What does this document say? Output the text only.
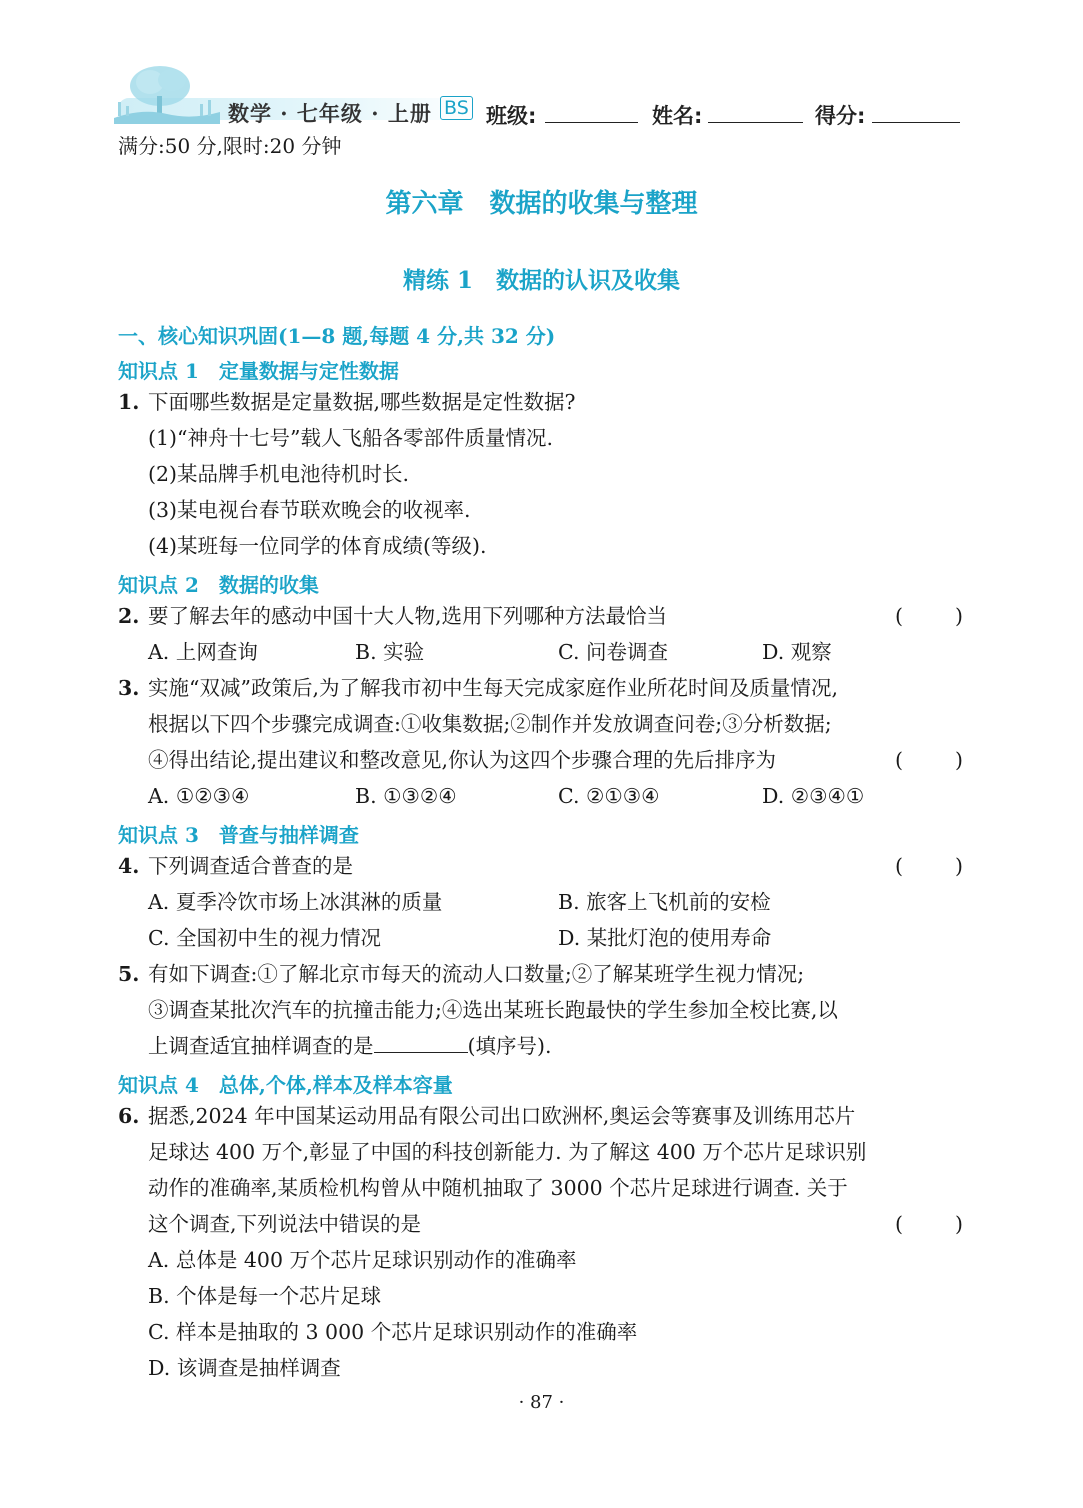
数学 · 七年级 · 上册 BS 班级:	姓名:	得分:
满分:50 分,限时:20 分钟
第六章　数据的收集与整理
精练 1　数据的认识及收集
一、核心知识巩固(1—8 题,每题 4 分,共 32 分)
知识点 1　定量数据与定性数据
1. 下面哪些数据是定量数据,哪些数据是定性数据?
(1)“神舟十七号”载人飞船各零部件质量情况.
(2)某品牌手机电池待机时长.
(3)某电视台春节联欢晚会的收视率.
(4)某班每一位同学的体育成绩(等级).
知识点 2　数据的收集
2. 要了解去年的感动中国十大人物,选用下列哪种方法最恰当	(	)
A. 上网查询	B. 实验	C. 问卷调查	D. 观察
3. 实施“双减”政策后,为了解我市初中生每天完成家庭作业所花时间及质量情况,
根据以下四个步骤完成调查:①收集数据;②制作并发放调查问卷;③分析数据;
④得出结论,提出建议和整改意见,你认为这四个步骤合理的先后排序为	(	)
A. ①②③④	B. ①③②④	C. ②①③④	D. ②③④①
知识点 3　普查与抽样调查
4. 下列调查适合普查的是	(	)
A. 夏季冷饮市场上冰淇淋的质量	B. 旅客上飞机前的安检
C. 全国初中生的视力情况	D. 某批灯泡的使用寿命
5. 有如下调查:①了解北京市每天的流动人口数量;②了解某班学生视力情况;
③调查某批次汽车的抗撞击能力;④选出某班长跑最快的学生参加全校比赛,以
上调查适宜抽样调查的是	(填序号).
知识点 4　总体,个体,样本及样本容量
6. 据悉,2024 年中国某运动用品有限公司出口欧洲杯,奥运会等赛事及训练用芯片
足球达 400 万个,彰显了中国的科技创新能力. 为了解这 400 万个芯片足球识别
动作的准确率,某质检机构曾从中随机抽取了 3000 个芯片足球进行调查. 关于
这个调查,下列说法中错误的是	(	)
A. 总体是 400 万个芯片足球识别动作的准确率
B. 个体是每一个芯片足球
C. 样本是抽取的 3 000 个芯片足球识别动作的准确率
D. 该调查是抽样调查
· 87 ·
